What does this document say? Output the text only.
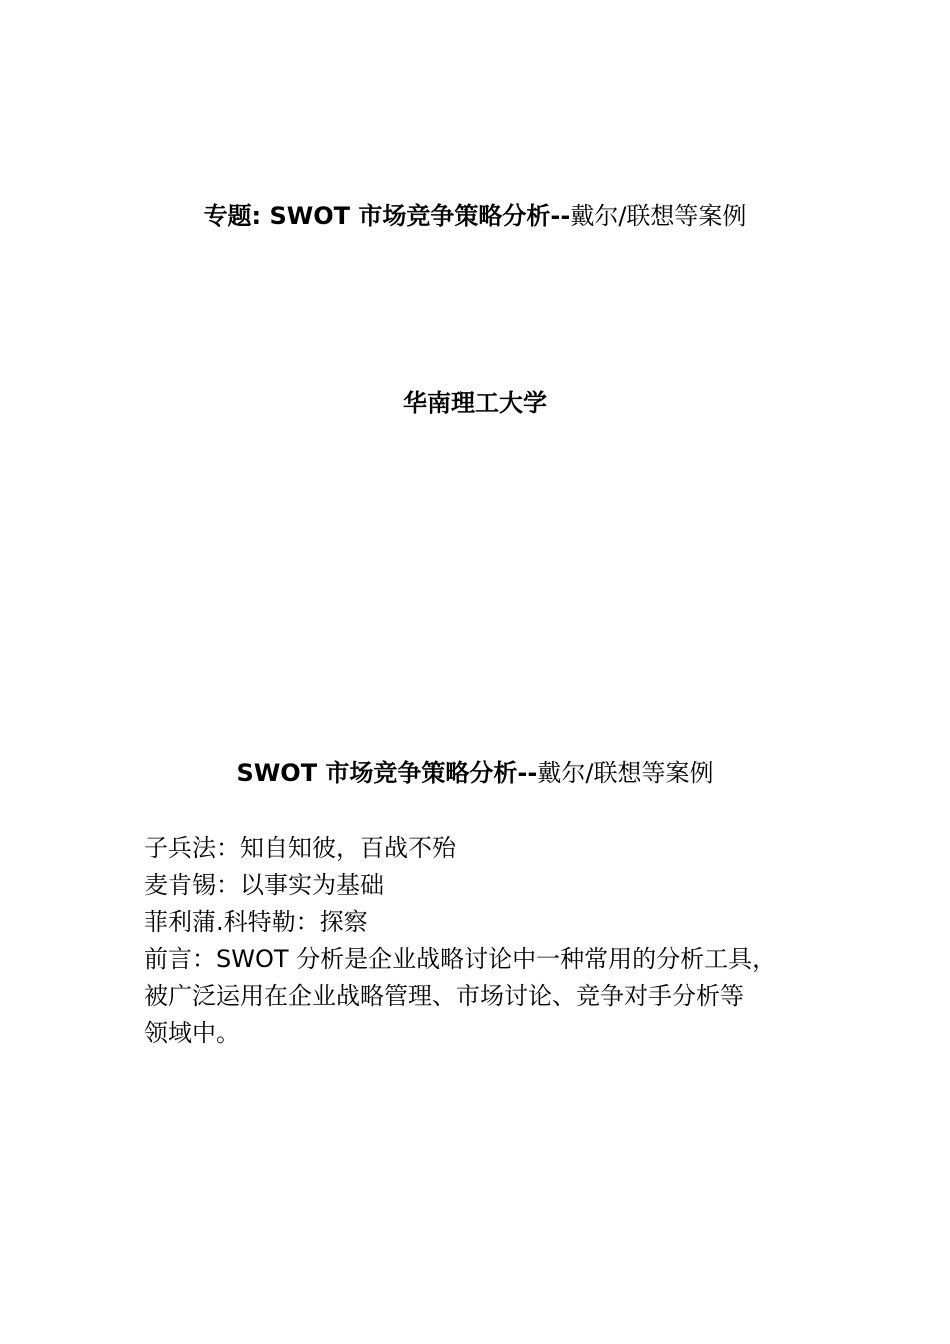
专题: SWOT 市场竞争策略分析--戴尔/联想等案例
华南理工大学
SWOT 市场竞争策略分析--戴尔/联想等案例

子兵法：知自知彼，百战不殆

麦肯锡：以事实为基础

菲利蒲.科特勒：探察

前言：SWOT 分析是企业战略讨论中一种常用的分析工具，

被广泛运用在企业战略管理、市场讨论、竞争对手分析等

领域中。
